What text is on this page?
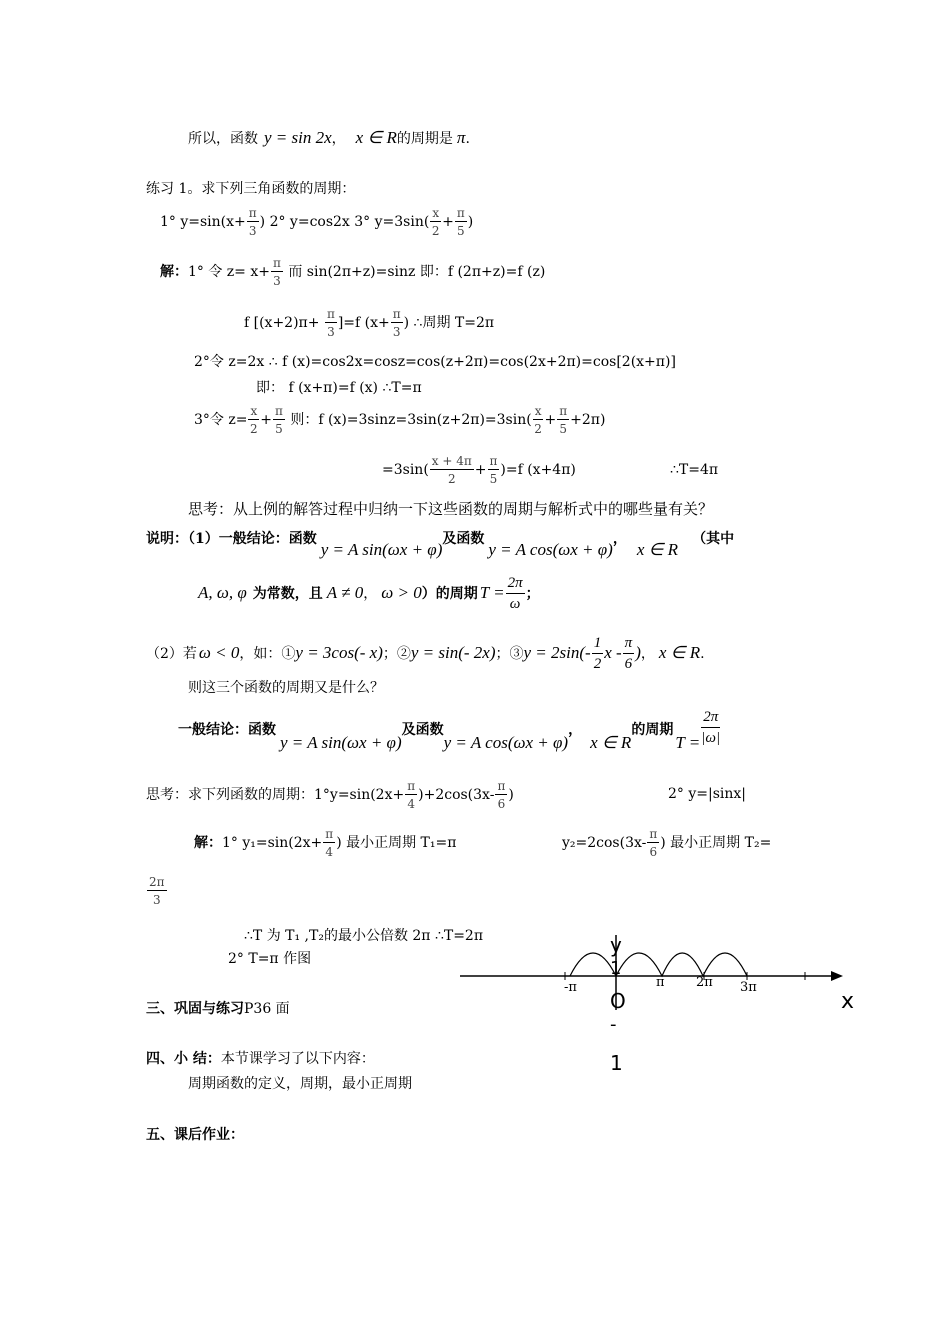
所以，函数 y = sin 2x， x ∈ R的周期是 π.
练习 1。求下列三角函数的周期：
1° $y=\sin(x+ \frac{\pi}{3}$ ) 2° y=cos2x 3° $y=3\sin( \frac{x}{2} + \frac{\pi}{5}$ )
解：1° 令 $z= x+ \frac{\pi}{3}$ 而 sin(2π+z)=sinz 即：f (2π+z)=f (z)
f $[(x+2)\pi+ \frac{\pi}{3} ]=f$ ($x+ \frac{\pi}{3}$ ) ∴周期 T=2π
2°令 z=2x ∴ f (x)=cos2x=cosz=cos(z+2π)=cos(2x+2π)=cos[2(x+π)]
即： f (x+π)=f (x) ∴T=π
3°令 $z= \frac{x}{2} + \frac{\pi}{5}$ 则：f $(x)=3\sin z=3\sin(z+2\pi)=3\sin( \frac{x}{2} + \frac{\pi}{5} +2\pi)$
$=3\sin( \frac{x + 4\pi}{2} + \frac{\pi}{5} )=f$ (x+4π)	∴T=4π
思考：从上例的解答过程中归纳一下这些函数的周期与解析式中的哪些量有关？
说明：（1）一般结论：函数y = A sin(ωx + φ)及函数y = A cos(ωx + φ)，x ∈ R（其中
A, ω, φ 为常数，且 A ≠ 0， ω > 0）的周期 $T = \frac{2\pi}{\omega}$ ；
（2）若 ω < 0，如：①y = 3cos(- x)；②y = sin(- 2x)；③y = $2\sin(- \frac{1}{2}$ x - $\frac{\pi}{6}$ )， x ∈ R.
则这三个函数的周期又是什么？
一般结论：函数y = A sin(ωx + φ)及函数y = A cos(ωx + φ)，x ∈ R的周期$T = \frac{2\pi}{|\omega|}$
思考：求下列函数的周期：$1^\circ y=\sin(2x+ \frac{\pi}{4} )+2\cos(3x- \frac{\pi}{6}$ )	2° y=|sinx|
解：1° $y_1=\sin(2x+ \frac{\pi}{4}$ ) 最小正周期 T₁=π	$y_2=2\cos(3x- \frac{\pi}{6}$ ) 最小正周期 T₂=
$\frac{2\pi}{3}$
∴T 为 T₁ ,T₂的最小公倍数 2π ∴T=2π
2° T=π 作图
y
1
O
-
1
x
-π	π 2π 3π
三、巩固与练习P36 面
四、小 结：本节课学习了以下内容：
周期函数的定义，周期，最小正周期
五、课后作业：
